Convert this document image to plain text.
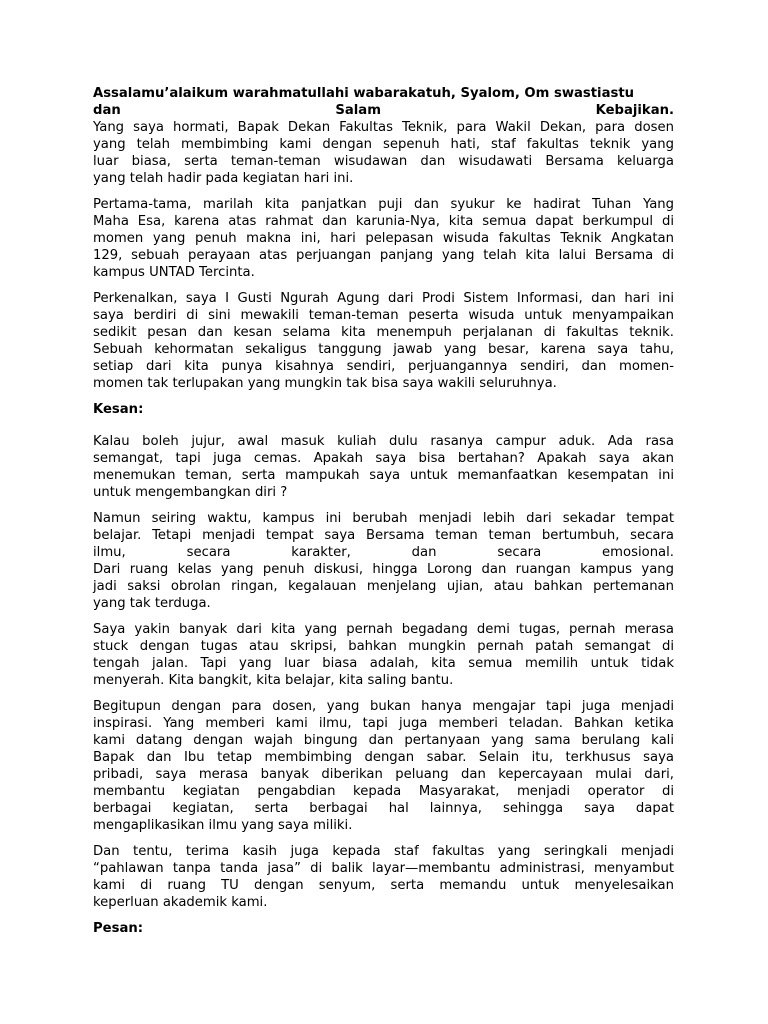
Assalamu’alaikum warahmatullahi wabarakatuh, Syalom, Om swastiastu
dan Salam Kebajikan.
Yang saya hormati, Bapak Dekan Fakultas Teknik, para Wakil Dekan, para dosen
yang telah membimbing kami dengan sepenuh hati, staf fakultas teknik yang
luar biasa, serta teman-teman wisudawan dan wisudawati Bersama keluarga
yang telah hadir pada kegiatan hari ini.
Pertama-tama, marilah kita panjatkan puji dan syukur ke hadirat Tuhan Yang
Maha Esa, karena atas rahmat dan karunia-Nya, kita semua dapat berkumpul di
momen yang penuh makna ini, hari pelepasan wisuda fakultas Teknik Angkatan
129, sebuah perayaan atas perjuangan panjang yang telah kita lalui Bersama di
kampus UNTAD Tercinta.
Perkenalkan, saya I Gusti Ngurah Agung dari Prodi Sistem Informasi, dan hari ini
saya berdiri di sini mewakili teman-teman peserta wisuda untuk menyampaikan
sedikit pesan dan kesan selama kita menempuh perjalanan di fakultas teknik.
Sebuah kehormatan sekaligus tanggung jawab yang besar, karena saya tahu,
setiap dari kita punya kisahnya sendiri, perjuangannya sendiri, dan momen-
momen tak terlupakan yang mungkin tak bisa saya wakili seluruhnya.
Kesan:
Kalau boleh jujur, awal masuk kuliah dulu rasanya campur aduk. Ada rasa
semangat, tapi juga cemas. Apakah saya bisa bertahan? Apakah saya akan
menemukan teman, serta mampukah saya untuk memanfaatkan kesempatan ini
untuk mengembangkan diri ?
Namun seiring waktu, kampus ini berubah menjadi lebih dari sekadar tempat
belajar. Tetapi menjadi tempat saya Bersama teman teman bertumbuh, secara
ilmu, secara karakter, dan secara emosional.
Dari ruang kelas yang penuh diskusi, hingga Lorong dan ruangan kampus yang
jadi saksi obrolan ringan, kegalauan menjelang ujian, atau bahkan pertemanan
yang tak terduga.
Saya yakin banyak dari kita yang pernah begadang demi tugas, pernah merasa
stuck dengan tugas atau skripsi, bahkan mungkin pernah patah semangat di
tengah jalan. Tapi yang luar biasa adalah, kita semua memilih untuk tidak
menyerah. Kita bangkit, kita belajar, kita saling bantu.
Begitupun dengan para dosen, yang bukan hanya mengajar tapi juga menjadi
inspirasi. Yang memberi kami ilmu, tapi juga memberi teladan. Bahkan ketika
kami datang dengan wajah bingung dan pertanyaan yang sama berulang kali
Bapak dan Ibu tetap membimbing dengan sabar. Selain itu, terkhusus saya
pribadi, saya merasa banyak diberikan peluang dan kepercayaan mulai dari,
membantu kegiatan pengabdian kepada Masyarakat, menjadi operator di
berbagai kegiatan, serta berbagai hal lainnya, sehingga saya dapat
mengaplikasikan ilmu yang saya miliki.
Dan tentu, terima kasih juga kepada staf fakultas yang seringkali menjadi
“pahlawan tanpa tanda jasa” di balik layar—membantu administrasi, menyambut
kami di ruang TU dengan senyum, serta memandu untuk menyelesaikan
keperluan akademik kami.
Pesan:
